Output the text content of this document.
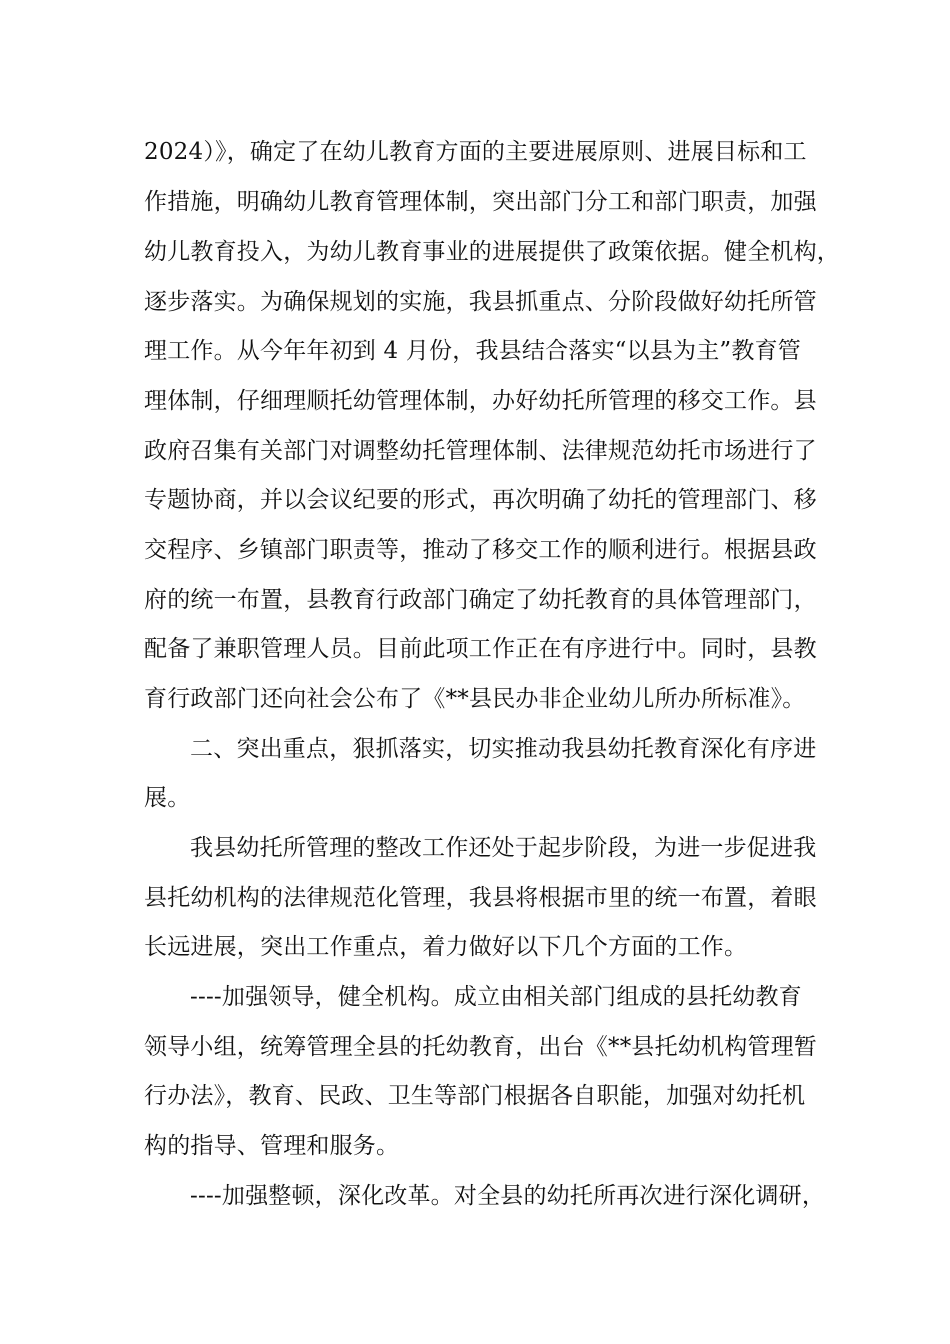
2024）》，确定了在幼儿教育方面的主要进展原则、进展目标和工
作措施，明确幼儿教育管理体制，突出部门分工和部门职责，加强
幼儿教育投入，为幼儿教育事业的进展提供了政策依据。健全机构，
逐步落实。为确保规划的实施，我县抓重点、分阶段做好幼托所管
理工作。从今年年初到 4 月份，我县结合落实“以县为主”教育管
理体制，仔细理顺托幼管理体制，办好幼托所管理的移交工作。县
政府召集有关部门对调整幼托管理体制、法律规范幼托市场进行了
专题协商，并以会议纪要的形式，再次明确了幼托的管理部门、移
交程序、乡镇部门职责等，推动了移交工作的顺利进行。根据县政
府的统一布置，县教育行政部门确定了幼托教育的具体管理部门，
配备了兼职管理人员。目前此项工作正在有序进行中。同时，县教
育行政部门还向社会公布了《**县民办非企业幼儿所办所标准》。
二、突出重点，狠抓落实，切实推动我县幼托教育深化有序进
展。
我县幼托所管理的整改工作还处于起步阶段，为进一步促进我
县托幼机构的法律规范化管理，我县将根据市里的统一布置，着眼
长远进展，突出工作重点，着力做好以下几个方面的工作。
----加强领导，健全机构。成立由相关部门组成的县托幼教育
领导小组，统筹管理全县的托幼教育，出台《**县托幼机构管理暂
行办法》，教育、民政、卫生等部门根据各自职能，加强对幼托机
构的指导、管理和服务。
----加强整顿，深化改革。对全县的幼托所再次进行深化调研，
